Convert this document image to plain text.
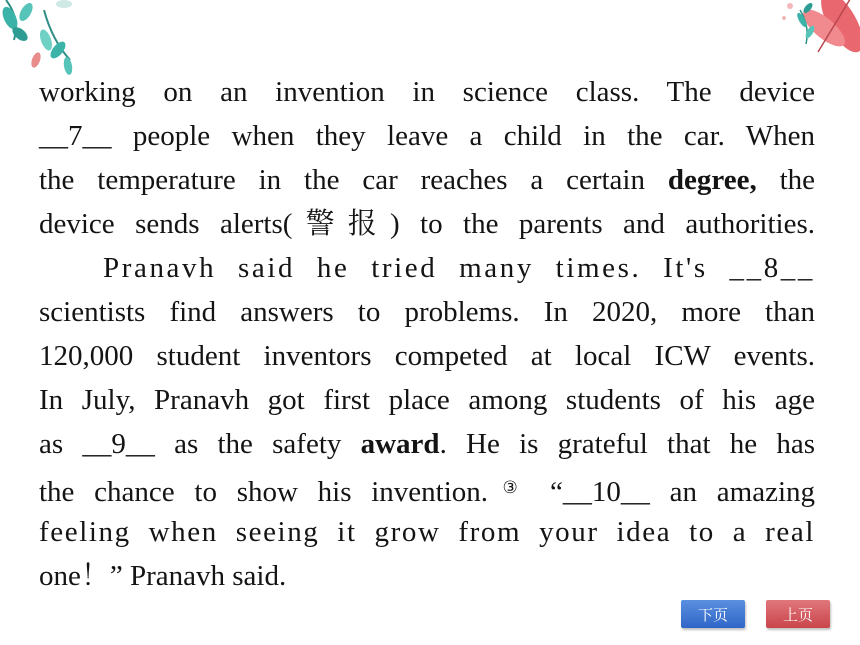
working on an invention in science class. The device
__7__ people when they leave a child in the car. When
the temperature in the car reaches a certain degree, the
device sends alerts(警报) to the parents and authorities.
Pranavh said he tried many times. It's __8__
scientists find answers to problems. In 2020, more than
120,000 student inventors competed at local ICW events.
In July, Pranavh got first place among students of his age
as __9__ as the safety award. He is grateful that he has
the chance to show his invention. ③ “__10__ an amazing
feeling when seeing it grow from your idea to a real
one！” Pranavh said.
下页	上页
